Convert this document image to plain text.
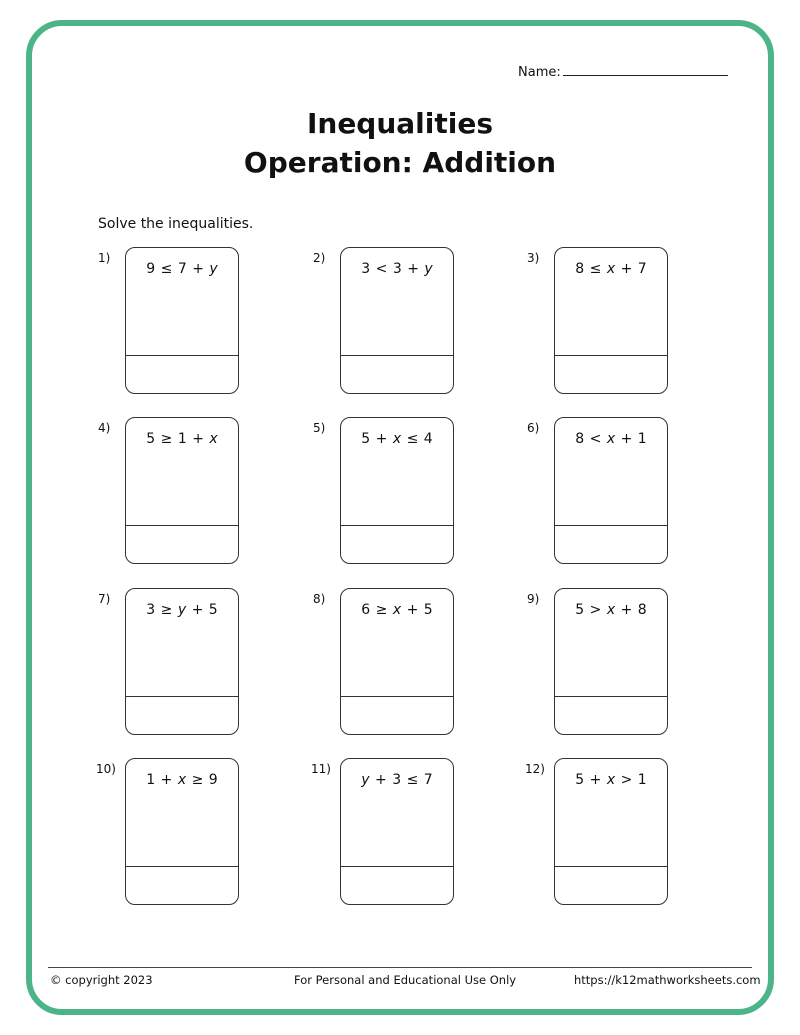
Name:
Inequalities
Operation: Addition
Solve the inequalities.
1)
9 ≤ 7 + y
2)
3 < 3 + y
3)
8 ≤ x + 7
4)
5 ≥ 1 + x
5)
5 + x ≤ 4
6)
8 < x + 1
7)
3 ≥ y + 5
8)
6 ≥ x + 5
9)
5 > x + 8
10)
1 + x ≥ 9
11)
y + 3 ≤ 7
12)
5 + x > 1
© copyright 2023	For Personal and Educational Use Only	https://k12mathworksheets.com
